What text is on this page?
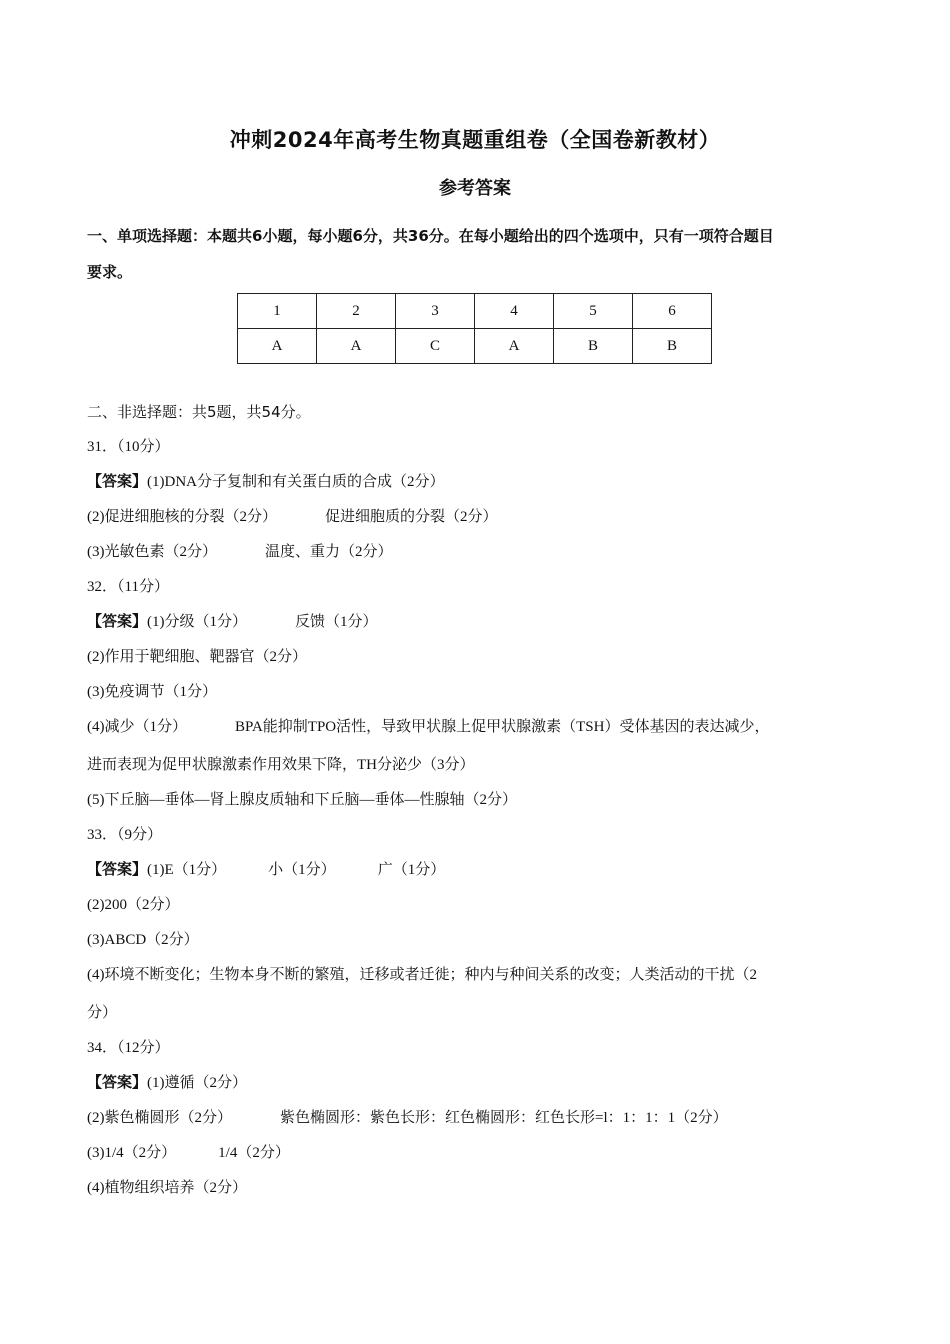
冲刺2024年高考生物真题重组卷（全国卷新教材）
参考答案
一、单项选择题：本题共6小题，每小题6分，共36分。在每小题给出的四个选项中，只有一项符合题目
要求。
1	2	3	4	5	6
A	A	C	A	B	B
二、非选择题：共5题，共54分。
31．（10分）
【答案】(1)DNA分子复制和有关蛋白质的合成（2分）
(2)促进细胞核的分裂（2分）	促进细胞质的分裂（2分）
(3)光敏色素（2分）	温度、重力（2分）
32．（11分）
【答案】(1)分级（1分）	反馈（1分）
(2)作用于靶细胞、靶器官（2分）
(3)免疫调节（1分）
(4)减少（1分）	BPA能抑制TPO活性，导致甲状腺上促甲状腺激素（TSH）受体基因的表达减少，
进而表现为促甲状腺激素作用效果下降，TH分泌少（3分）
(5)下丘脑—垂体—肾上腺皮质轴和下丘脑—垂体—性腺轴（2分）
33．（9分）
【答案】(1)E（1分）	小（1分）	广（1分）
(2)200（2分）
(3)ABCD（2分）
(4)环境不断变化；生物本身不断的繁殖，迁移或者迁徙；种内与种间关系的改变；人类活动的干扰（2
分）
34．（12分）
【答案】(1)遵循（2分）
(2)紫色椭圆形（2分）	紫色椭圆形：紫色长形：红色椭圆形：红色长形=l：1：1：1（2分）
(3)1/4（2分）	1/4（2分）
(4)植物组织培养（2分）
